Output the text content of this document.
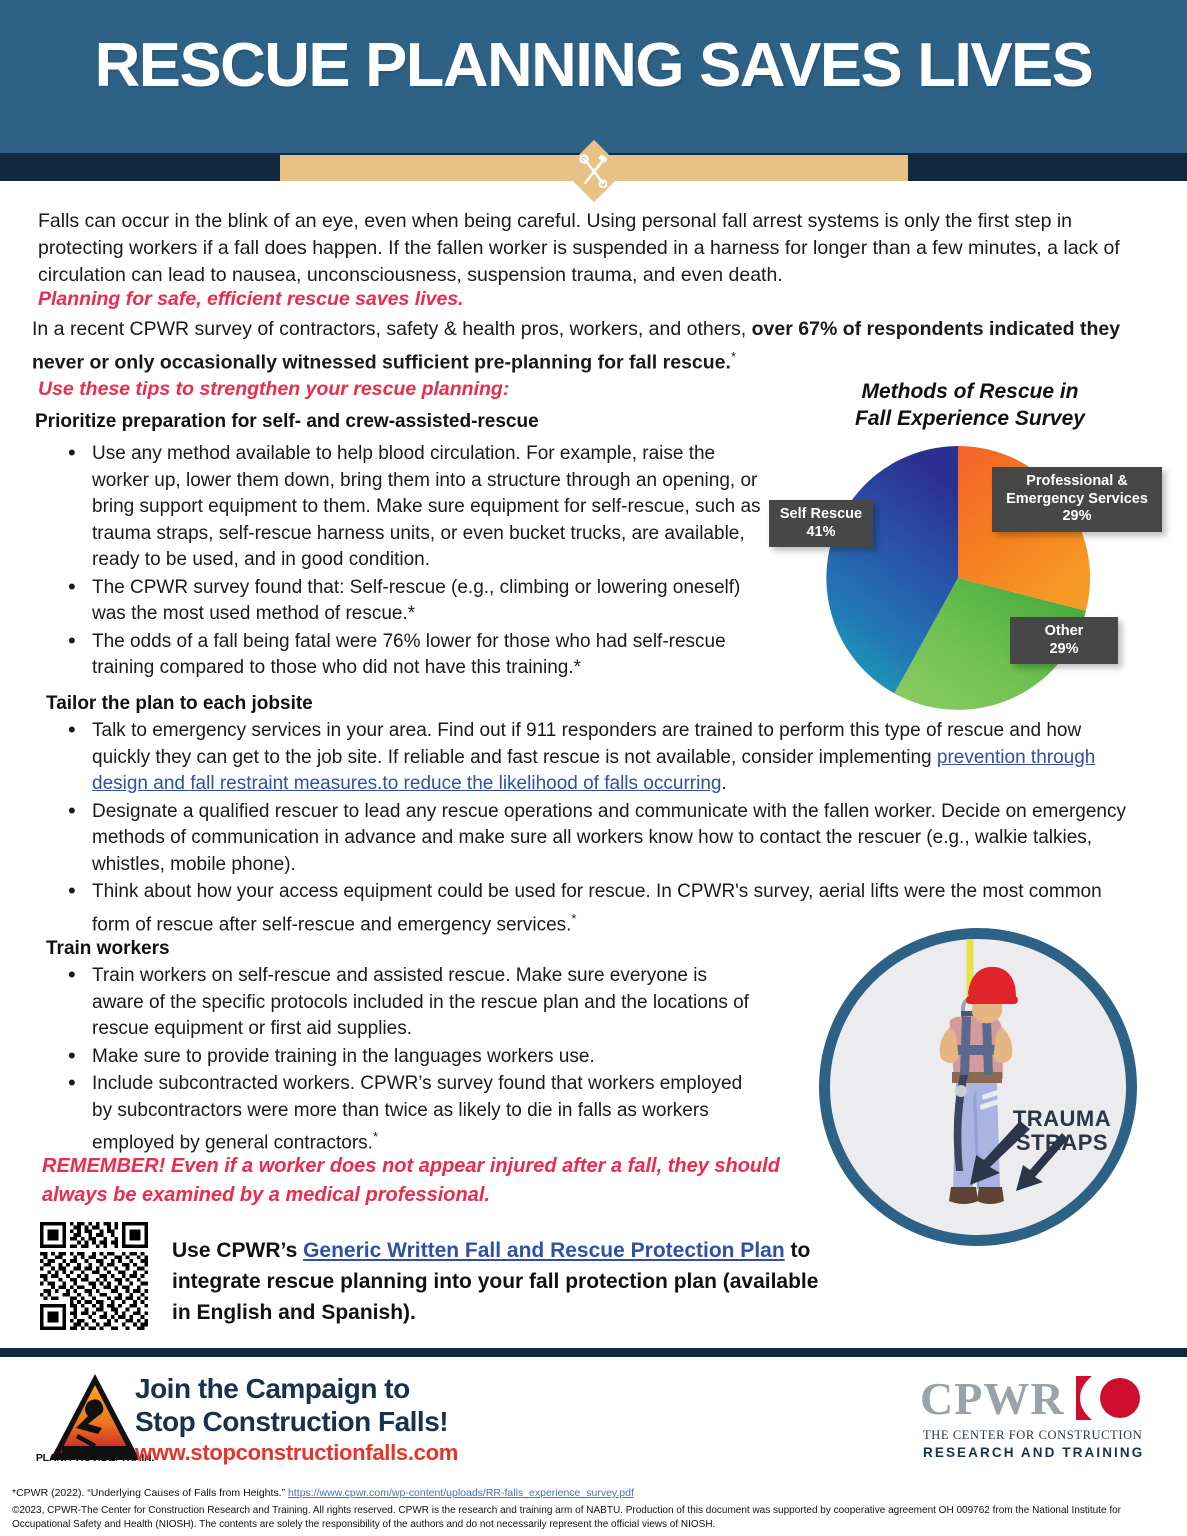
RESCUE PLANNING SAVES LIVES
Falls can occur in the blink of an eye, even when being careful. Using personal fall arrest systems is only the first step in protecting workers if a fall does happen. If the fallen worker is suspended in a harness for longer than a few minutes, a lack of circulation can lead to nausea, unconsciousness, suspension trauma, and even death.
Planning for safe, efficient rescue saves lives.
In a recent CPWR survey of contractors, safety & health pros, workers, and others, over 67% of respondents indicated they never or only occasionally witnessed sufficient pre-planning for fall rescue.*
Use these tips to strengthen your rescue planning:
Prioritize preparation for self- and crew-assisted-rescue
• Use any method available to help blood circulation. For example, raise the worker up, lower them down, bring them into a structure through an opening, or bring support equipment to them. Make sure equipment for self-rescue, such as trauma straps, self-rescue harness units, or even bucket trucks, are available, ready to be used, and in good condition.
• The CPWR survey found that: Self-rescue (e.g., climbing or lowering oneself) was the most used method of rescue.*
• The odds of a fall being fatal were 76% lower for those who had self-rescue training compared to those who did not have this training.*
Tailor the plan to each jobsite
• Talk to emergency services in your area. Find out if 911 responders are trained to perform this type of rescue and how quickly they can get to the job site. If reliable and fast rescue is not available, consider implementing prevention through design and fall restraint measures.to reduce the likelihood of falls occurring.
• Designate a qualified rescuer to lead any rescue operations and communicate with the fallen worker. Decide on emergency methods of communication in advance and make sure all workers know how to contact the rescuer (e.g., walkie talkies, whistles, mobile phone).
• Think about how your access equipment could be used for rescue. In CPWR's survey, aerial lifts were the most common form of rescue after self-rescue and emergency services.*
Train workers
• Train workers on self-rescue and assisted rescue. Make sure everyone is aware of the specific protocols included in the rescue plan and the locations of rescue equipment or first aid supplies.
• Make sure to provide training in the languages workers use.
• Include subcontracted workers. CPWR’s survey found that workers employed by subcontractors were more than twice as likely to die in falls as workers employed by general contractors.*
REMEMBER! Even if a worker does not appear injured after a fall, they should always be examined by a medical professional.
Methods of Rescue in
Fall Experience Survey
Self Rescue
41%
Professional & Emergency Services
29%
Other
29%
TRAUMA
STRAPS
Use CPWR’s Generic Written Fall and Rescue Protection Plan to integrate rescue planning into your fall protection plan (available in English and Spanish).
PLAN. PROVIDE. TRAIN.
Join the Campaign to
Stop Construction Falls!
www.stopconstructionfalls.com
CPWR
THE CENTER FOR CONSTRUCTION
RESEARCH AND TRAINING
*CPWR (2022). “Underlying Causes of Falls from Heights.” https://www.cpwr.com/wp-content/uploads/RR-falls_experience_survey.pdf
©2023, CPWR-The Center for Construction Research and Training. All rights reserved. CPWR is the research and training arm of NABTU. Production of this document was supported by cooperative agreement OH 009762 from the National Institute for Occupational Safety and Health (NIOSH). The contents are solely the responsibility of the authors and do not necessarily represent the official views of NIOSH.
